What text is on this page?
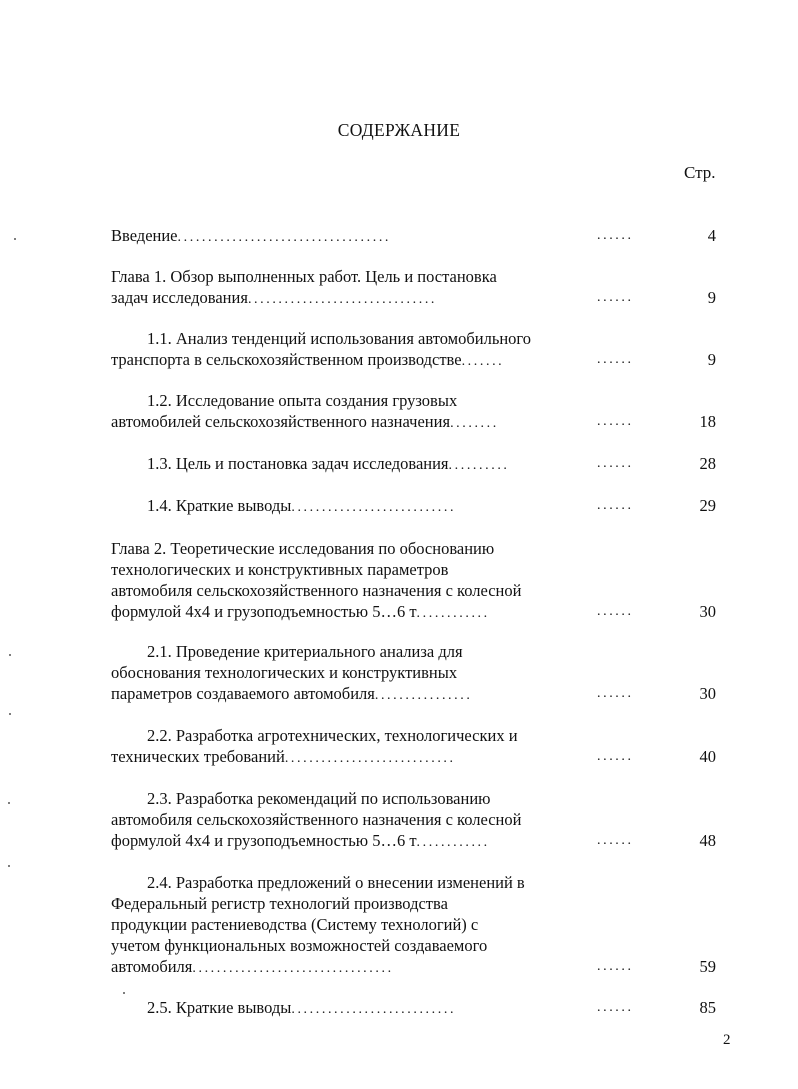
СОДЕРЖАНИЕ
Стр.
Введение...................................	......	4
Глава 1. Обзор выполненных работ. Цель и постановка
задач исследования...............................	......	9
1.1. Анализ тенденций использования автомобильного
транспорта в сельскохозяйственном производстве.......	......	9
1.2. Исследование опыта создания грузовых
автомобилей сельскохозяйственного назначения........	......	18
1.3. Цель и постановка задач исследования..........	......	28
1.4. Краткие выводы...........................	......	29
Глава 2. Теоретические исследования по обоснованию
технологических и конструктивных параметров
автомобиля сельскохозяйственного назначения с колесной
формулой 4х4 и грузоподъемностью 5…6 т............	......	30
2.1. Проведение критериального анализа для
обоснования технологических и конструктивных
параметров создаваемого автомобиля................	......	30
2.2. Разработка агротехнических, технологических и
технических требований............................	......	40
2.3. Разработка рекомендаций по использованию
автомобиля сельскохозяйственного назначения с колесной
формулой 4х4 и грузоподъемностью 5…6 т............	......	48
2.4. Разработка предложений о внесении изменений в
Федеральный регистр технологий производства
продукции растениеводства (Систему технологий) с
учетом функциональных возможностей создаваемого
автомобиля.................................	......	59
2.5. Краткие выводы...........................	......	85
2
